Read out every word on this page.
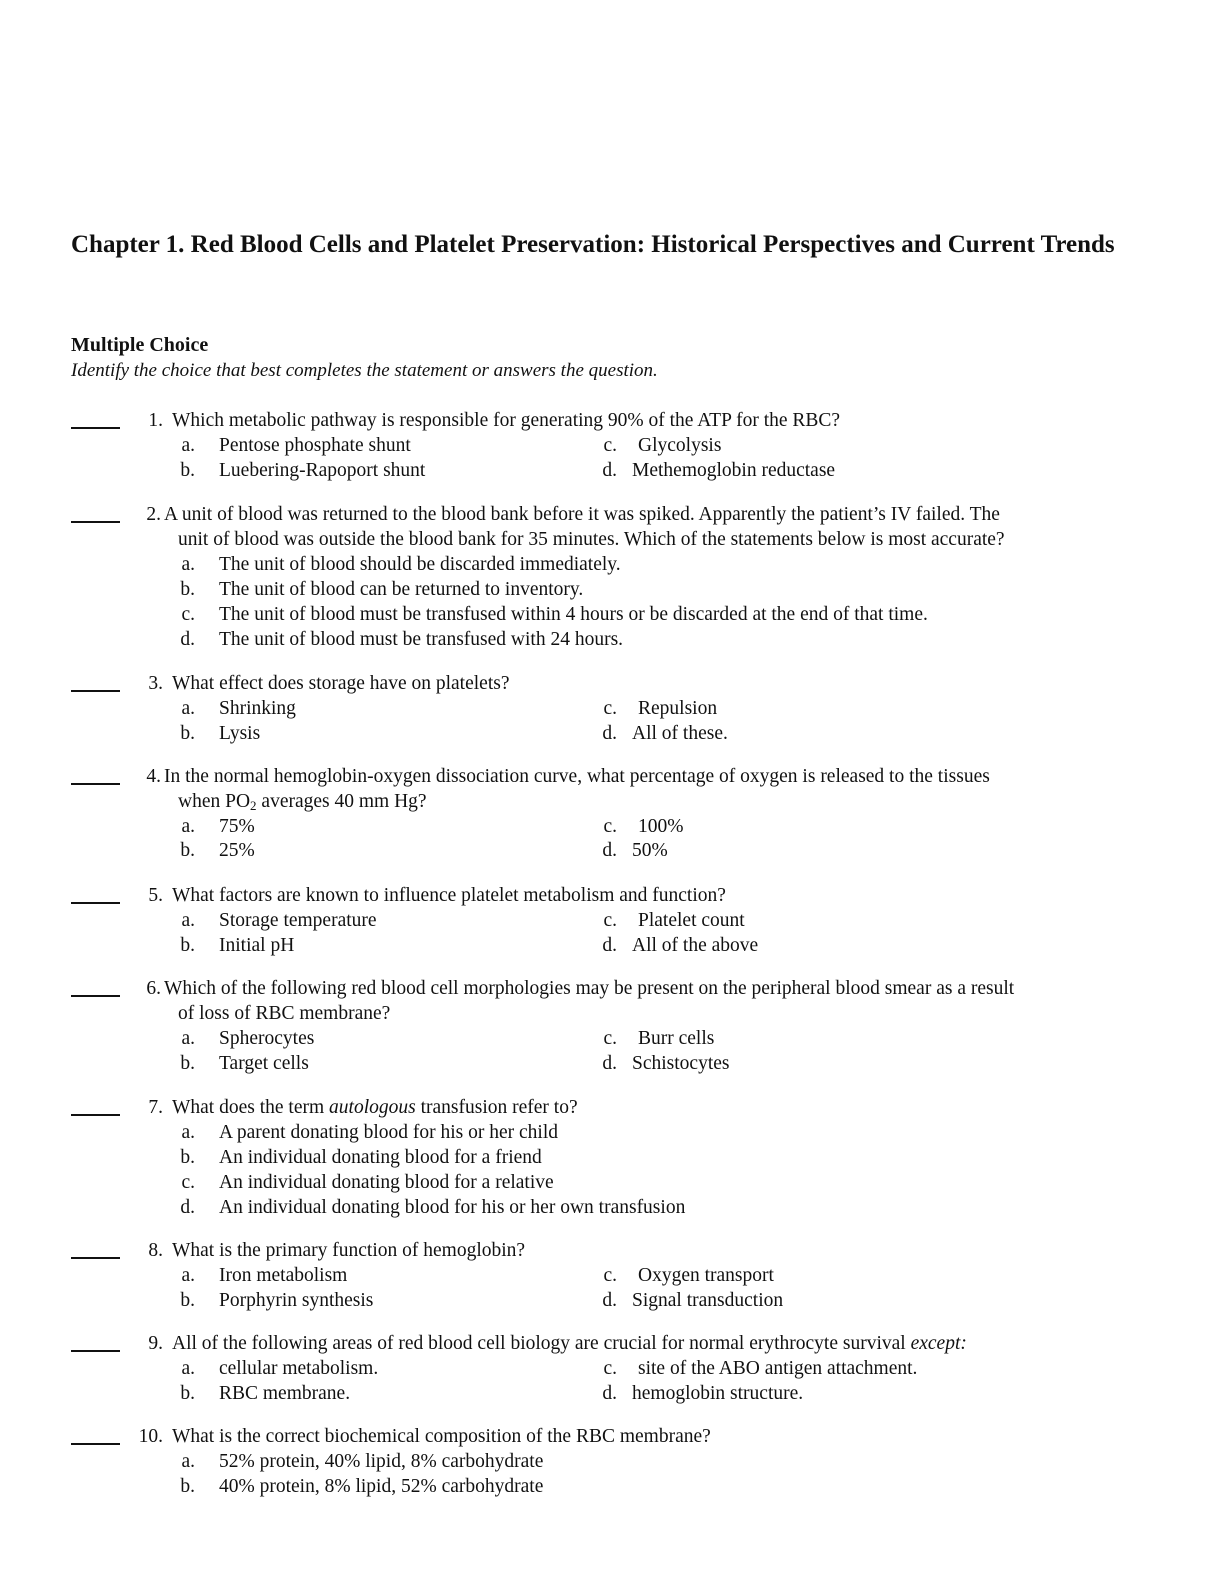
Chapter 1. Red Blood Cells and Platelet Preservation: Historical Perspectives and Current Trends
Multiple Choice

Identify the choice that best completes the statement or answers the question.

1. Which metabolic pathway is responsible for generating 90% of the ATP for the RBC?
a. Pentose phosphate shunt
b. Luebering-Rapoport shunt
c. Glycolysis
d. Methemoglobin reductase
2. A unit of blood was returned to the blood bank before it was spiked. Apparently the patient’s IV failed. The
unit of blood was outside the blood bank for 35 minutes. Which of the statements below is most accurate?
a. The unit of blood should be discarded immediately.
b. The unit of blood can be returned to inventory.
c. The unit of blood must be transfused within 4 hours or be discarded at the end of that time.
d. The unit of blood must be transfused with 24 hours.
3. What effect does storage have on platelets?
a. Shrinking
b. Lysis
c. Repulsion
d. All of these.
4. In the normal hemoglobin-oxygen dissociation curve, what percentage of oxygen is released to the tissues
when $PO_2$ averages 40 mm Hg?
a. 75%
b. 25%
c. 100%
d. 50%
5. What factors are known to influence platelet metabolism and function?
a. Storage temperature
b. Initial pH
c. Platelet count
d. All of the above
6. Which of the following red blood cell morphologies may be present on the peripheral blood smear as a result
of loss of RBC membrane?
a. Spherocytes
b. Target cells
c. Burr cells
d. Schistocytes
7. What does the term autologous transfusion refer to?
a. A parent donating blood for his or her child
b. An individual donating blood for a friend
c. An individual donating blood for a relative
d. An individual donating blood for his or her own transfusion
8. What is the primary function of hemoglobin?
a. Iron metabolism
b. Porphyrin synthesis
c. Oxygen transport
d. Signal transduction
9. All of the following areas of red blood cell biology are crucial for normal erythrocyte survival except:
a. cellular metabolism.
b. RBC membrane.
c. site of the ABO antigen attachment.
d. hemoglobin structure.
10. What is the correct biochemical composition of the RBC membrane?
a. 52% protein, 40% lipid, 8% carbohydrate
b. 40% protein, 8% lipid, 52% carbohydrate
